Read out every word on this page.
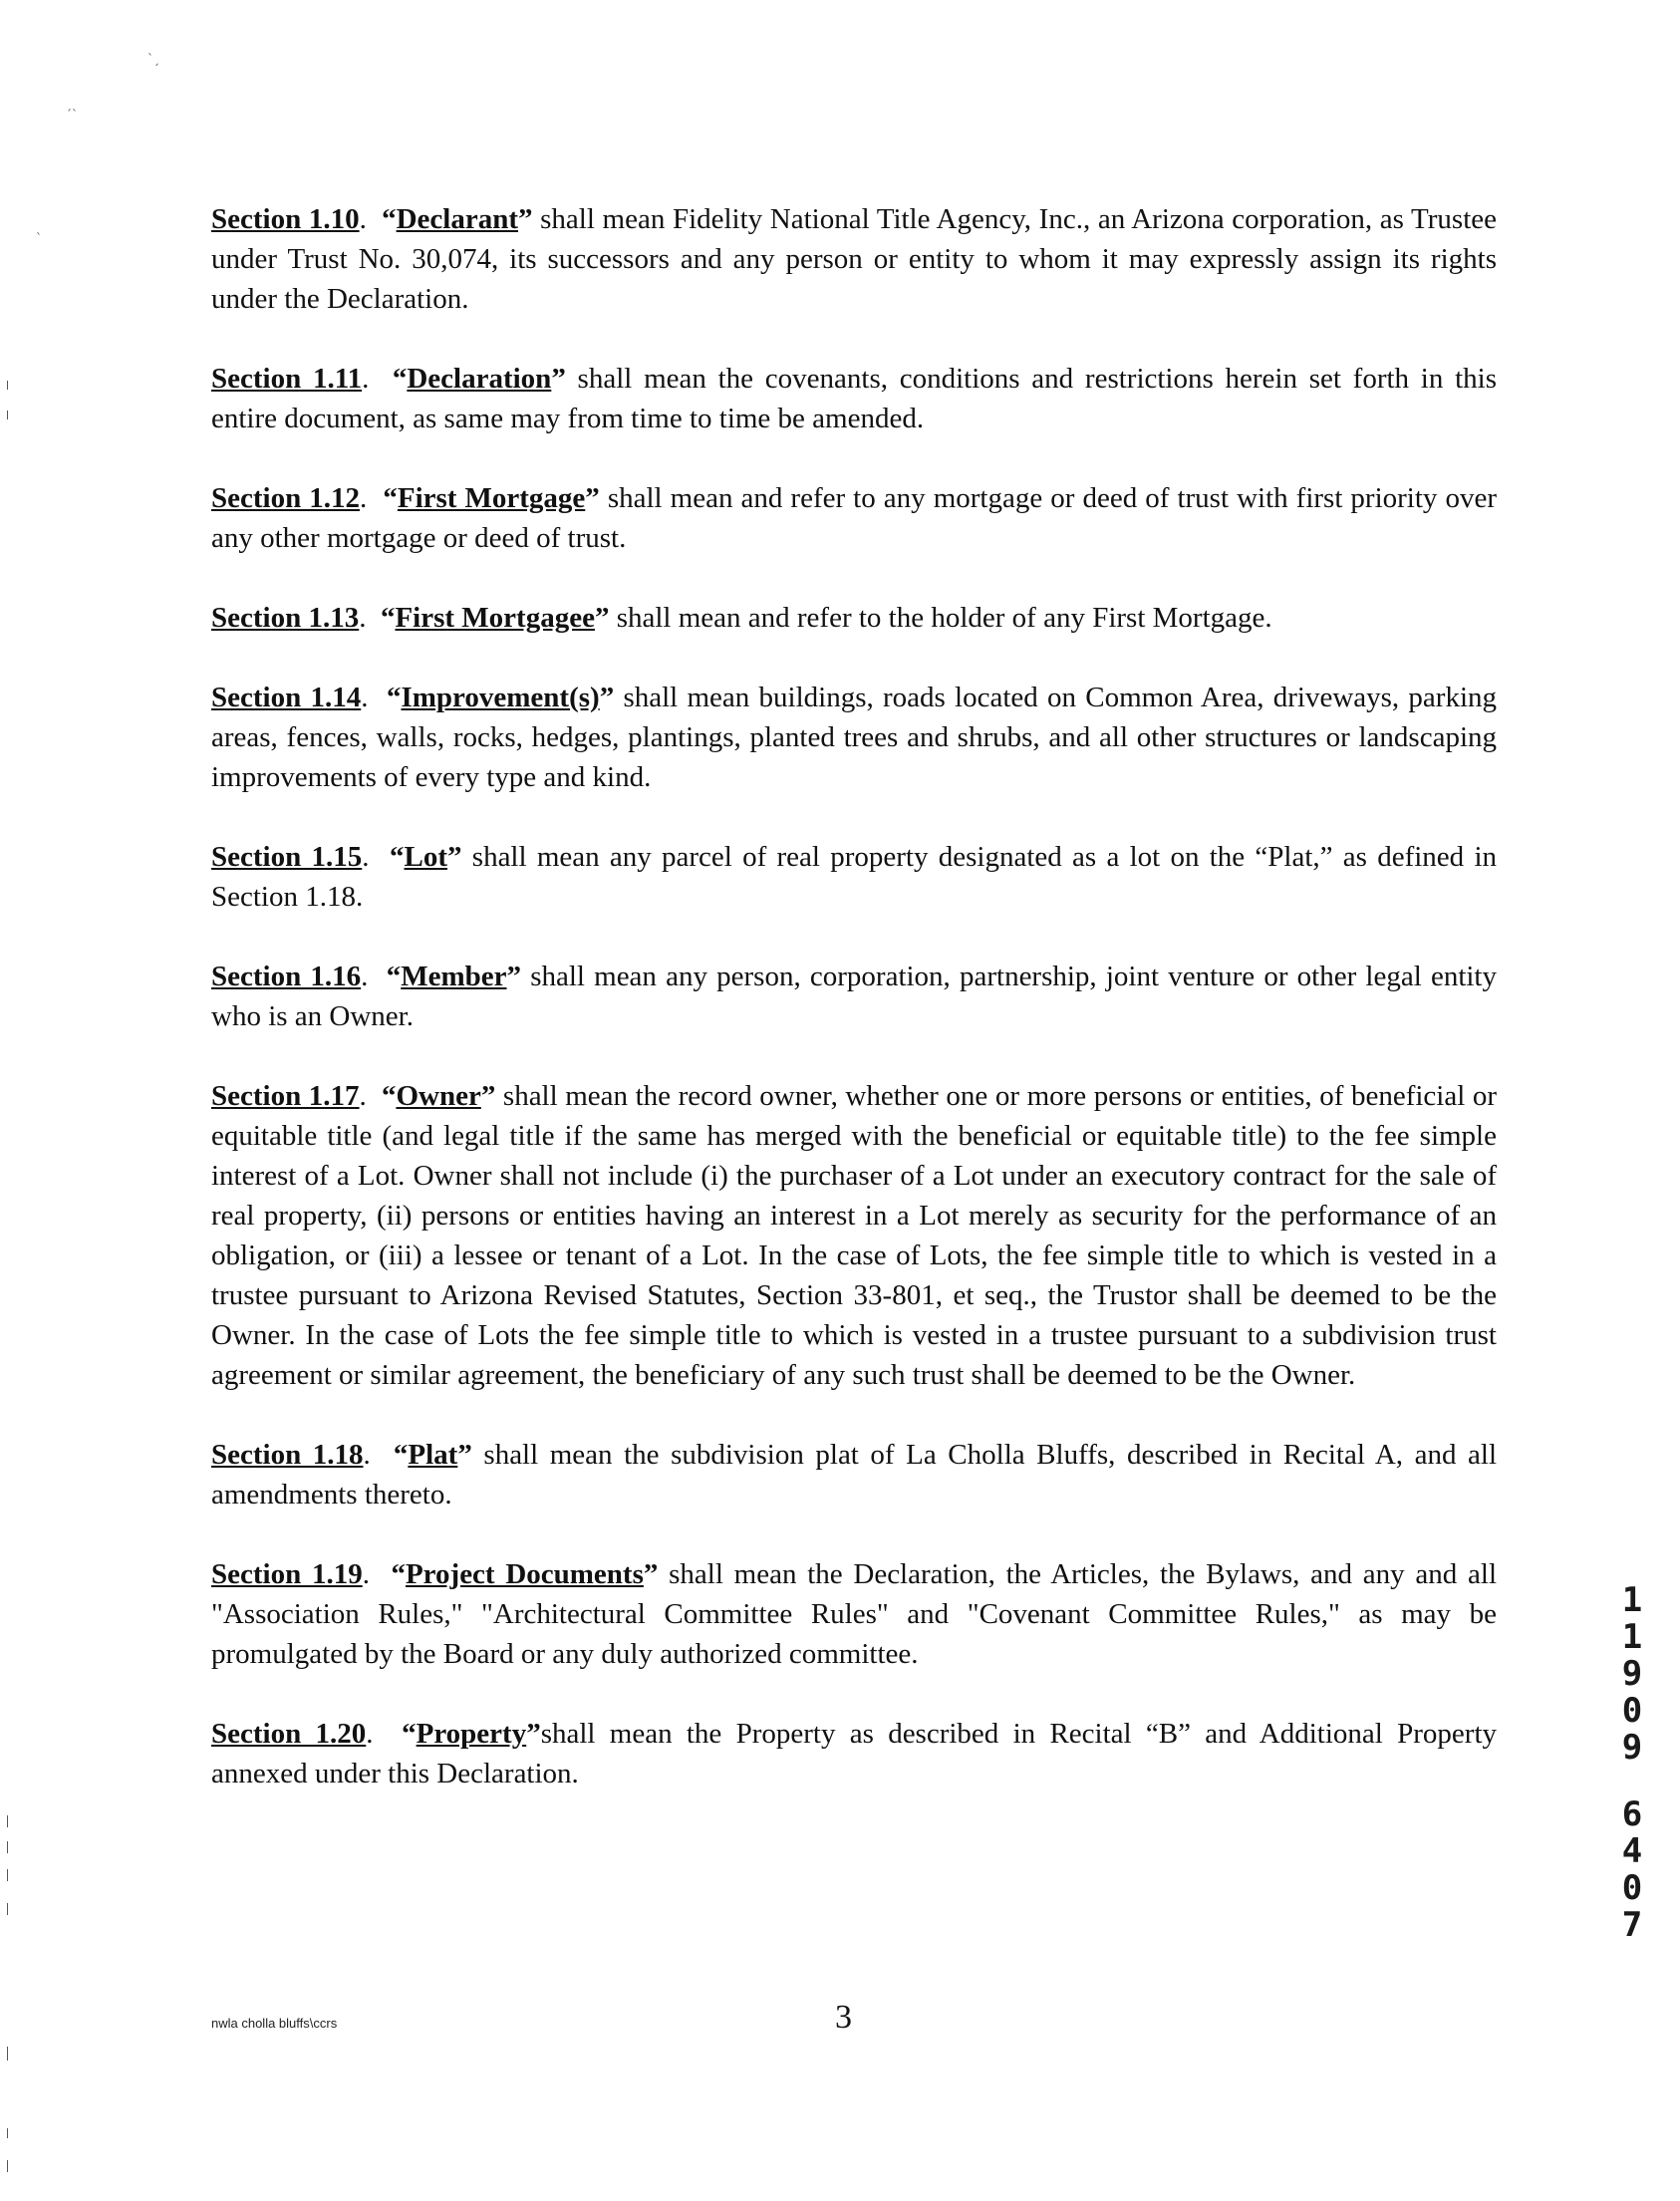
Section 1.10.  “Declarant” shall mean Fidelity National Title Agency, Inc., an Arizona corporation, as Trustee under Trust No. 30,074, its successors and any person or entity to whom it may expressly assign its rights under the Declaration.

Section 1.11.  “Declaration” shall mean the covenants, conditions and restrictions herein set forth in this entire document, as same may from time to time be amended.

Section 1.12.  “First Mortgage” shall mean and refer to any mortgage or deed of trust with first priority over any other mortgage or deed of trust.

Section 1.13.  “First Mortgagee” shall mean and refer to the holder of any First Mortgage.

Section 1.14.  “Improvement(s)” shall mean buildings, roads located on Common Area, driveways, parking areas, fences, walls, rocks, hedges, plantings, planted trees and shrubs, and all other structures or landscaping improvements of every type and kind.

Section 1.15.  “Lot” shall mean any parcel of real property designated as a lot on the “Plat,” as defined in Section 1.18.

Section 1.16.  “Member” shall mean any person, corporation, partnership, joint venture or other legal entity who is an Owner.

Section 1.17.  “Owner” shall mean the record owner, whether one or more persons or entities, of beneficial or equitable title (and legal title if the same has merged with the beneficial or equitable title) to the fee simple interest of a Lot. Owner shall not include (i) the purchaser of a Lot under an executory contract for the sale of real property, (ii) persons or entities having an interest in a Lot merely as security for the performance of an obligation, or (iii) a lessee or tenant of a Lot. In the case of Lots, the fee simple title to which is vested in a trustee pursuant to Arizona Revised Statutes, Section 33-801, et seq., the Trustor shall be deemed to be the Owner. In the case of Lots the fee simple title to which is vested in a trustee pursuant to a subdivision trust agreement or similar agreement, the beneficiary of any such trust shall be deemed to be the Owner.

Section 1.18.  “Plat” shall mean the subdivision plat of La Cholla Bluffs, described in Recital A, and all amendments thereto.

Section 1.19.  “Project Documents” shall mean the Declaration, the Articles, the Bylaws, and any and all "Association Rules," "Architectural Committee Rules" and "Covenant Committee Rules," as may be promulgated by the Board or any duly authorized committee.

Section 1.20.  “Property”shall mean the Property as described in Recital “B” and Additional Property annexed under this Declaration.

1
1
9
0
9
6
4
0
7
nwla cholla bluffs\ccrs	3
ˋˏ
ˊˋ
ˋ
